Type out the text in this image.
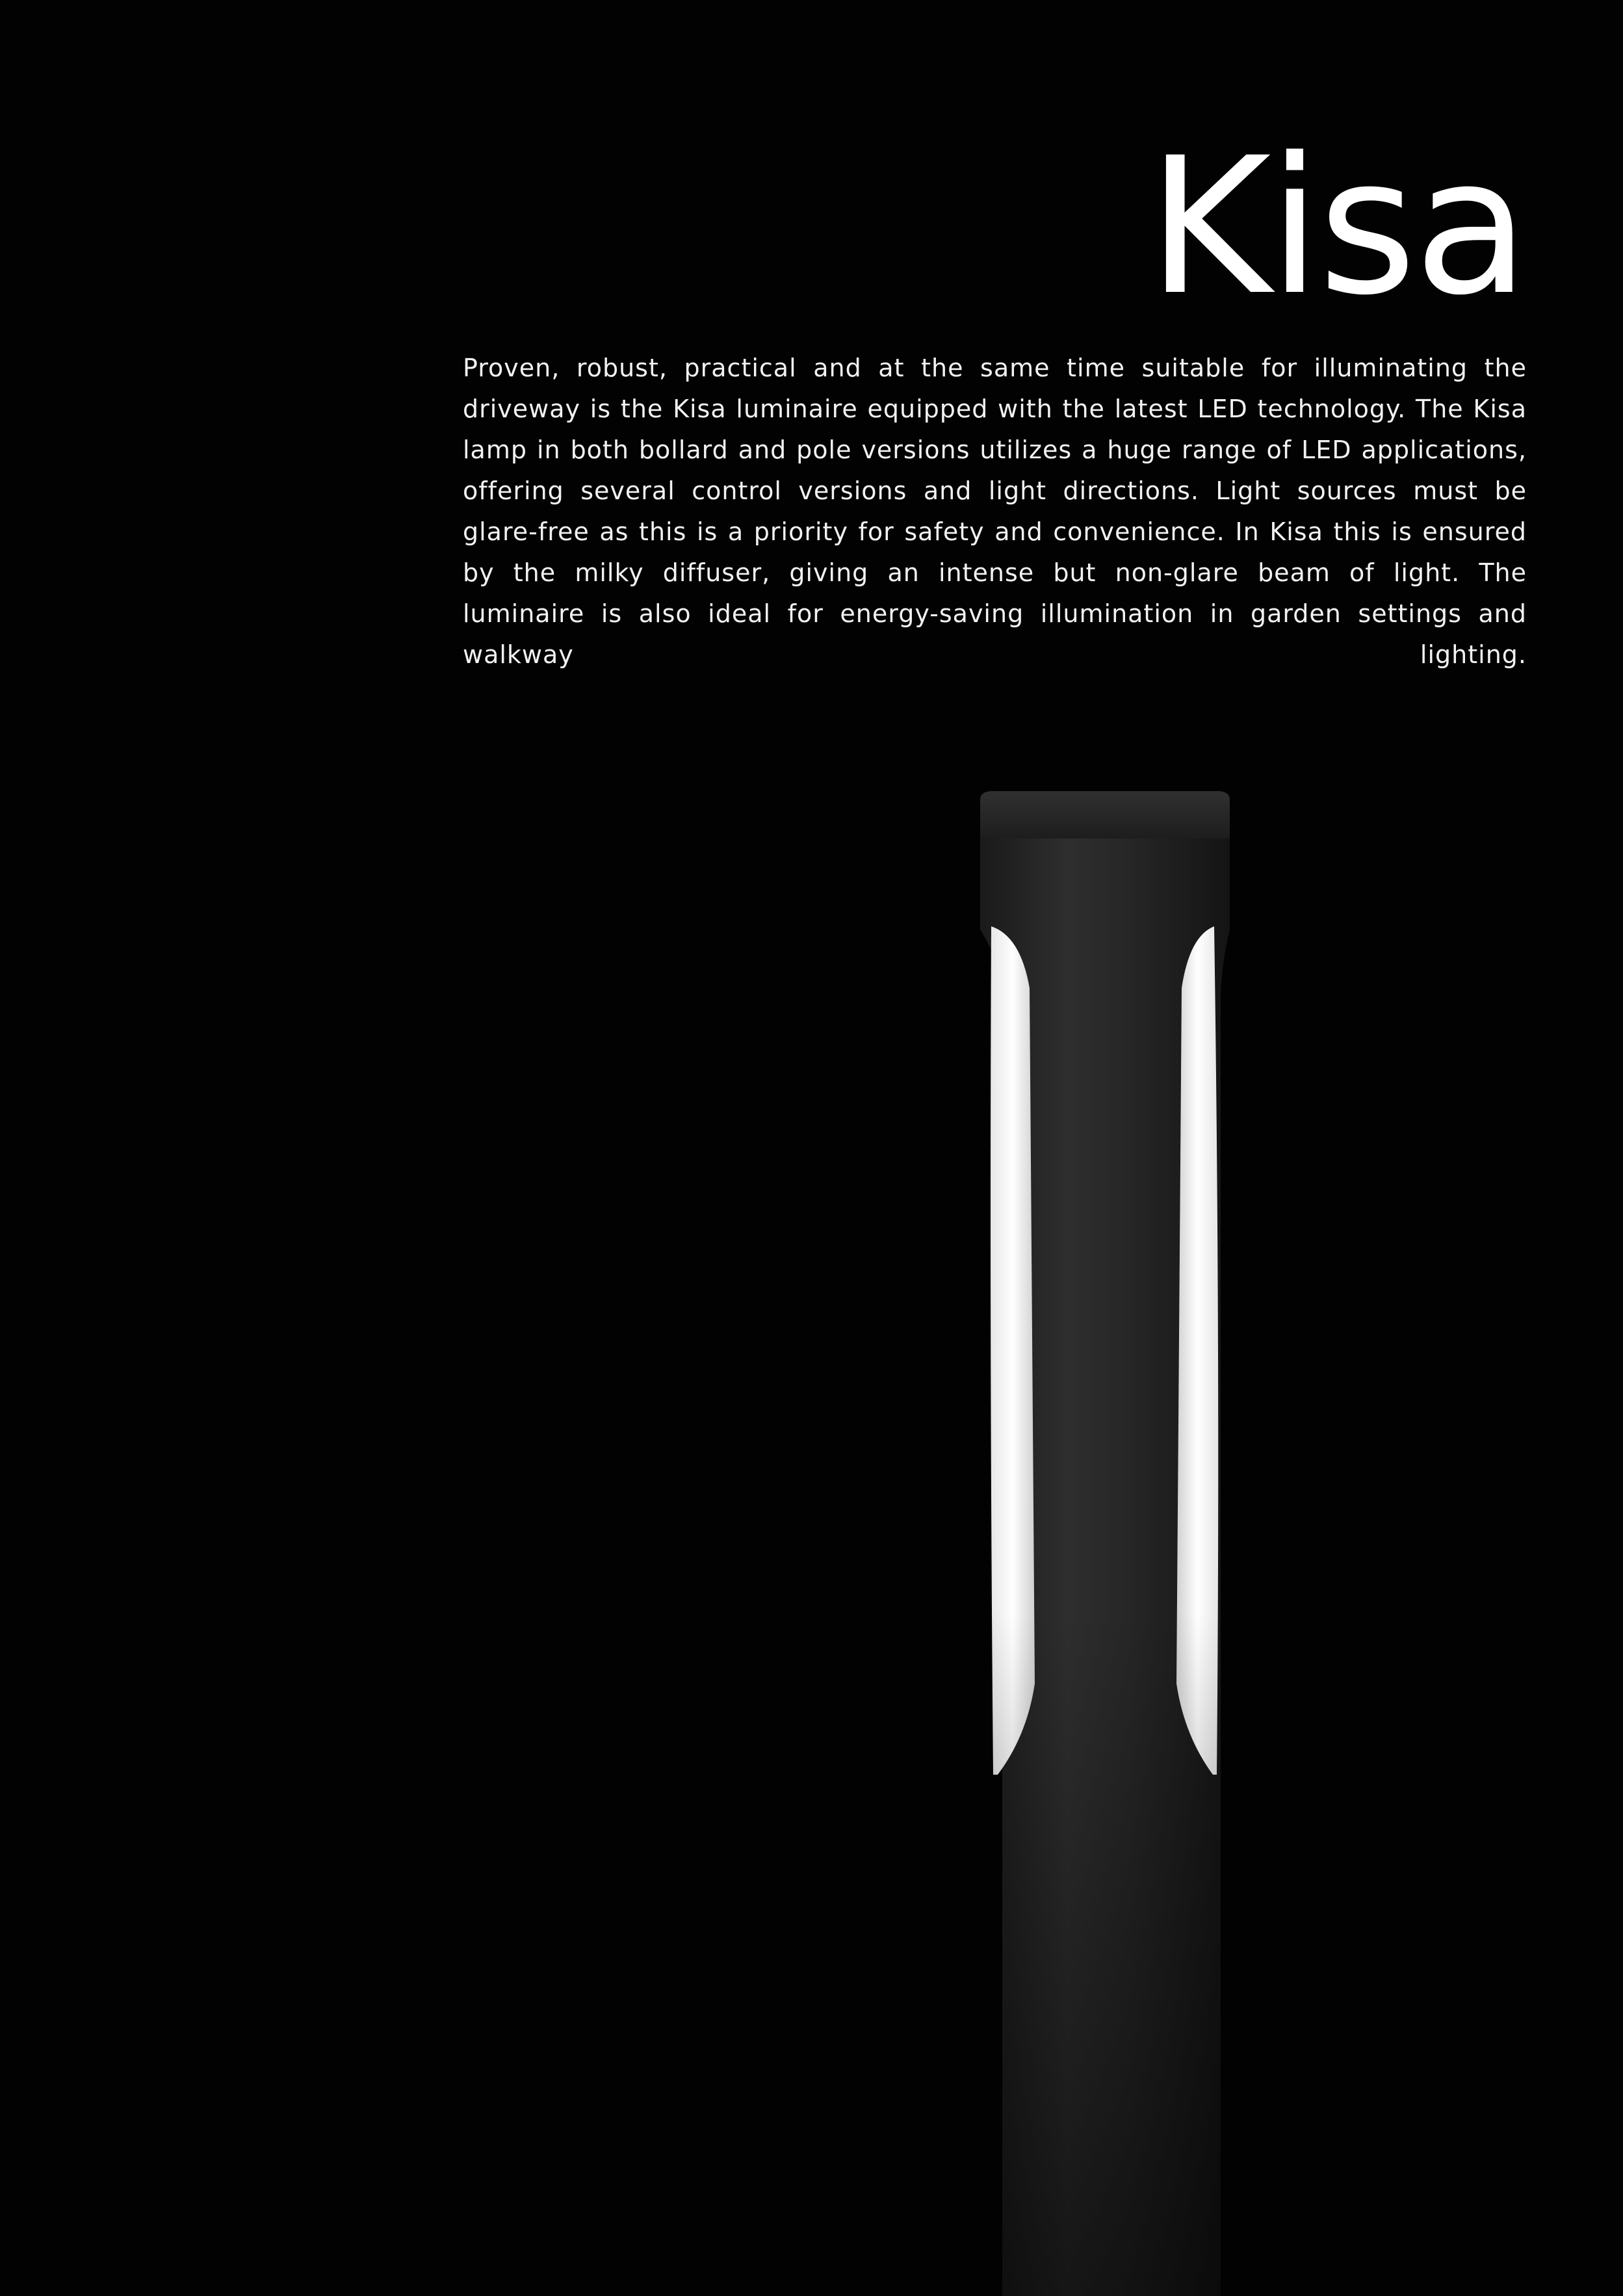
Kisa

Proven, robust, practical and at the same time suitable for illuminating the driveway is the Kisa luminaire equipped with the latest LED technology. The Kisa lamp in both bollard and pole versions utilizes a huge range of LED applications, offering several control versions and light directions. Light sources must be glare-free as this is a priority for safety and convenience. In Kisa this is ensured by the milky diffuser, giving an intense but non-glare beam of light. The luminaire is also ideal for energy-saving illumination in garden settings and walkway lighting.
